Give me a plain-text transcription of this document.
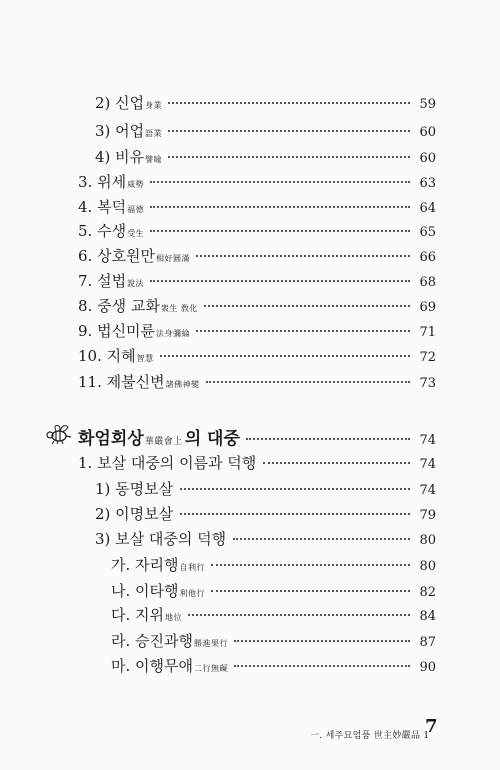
2) 신업 身業	59
3) 어업 語業	60
4) 비유 譬喩	60
3. 위세 威勢	63
4. 복덕 福德	64
5. 수생 受生	65
6. 상호원만 相好圓滿	66
7. 설법 說法	68
8. 중생 교화 衆生 敎化	69
9. 법신미륜 法身彌綸	71
10. 지혜 智慧	72
11. 제불신변 諸佛神變	73
화엄회상 華嚴會上 의 대중	74
1. 보살 대중의 이름과 덕행	74
1) 동명보살	74
2) 이명보살	79
3) 보살 대중의 덕행	80
가. 자리행 自利行	80
나. 이타행 利他行	82
다. 지위 地位	84
라. 승진과행 勝進果行	87
마. 이행무애 二行無礙	90
一. 세주묘엄품 世主妙嚴品 1
7
